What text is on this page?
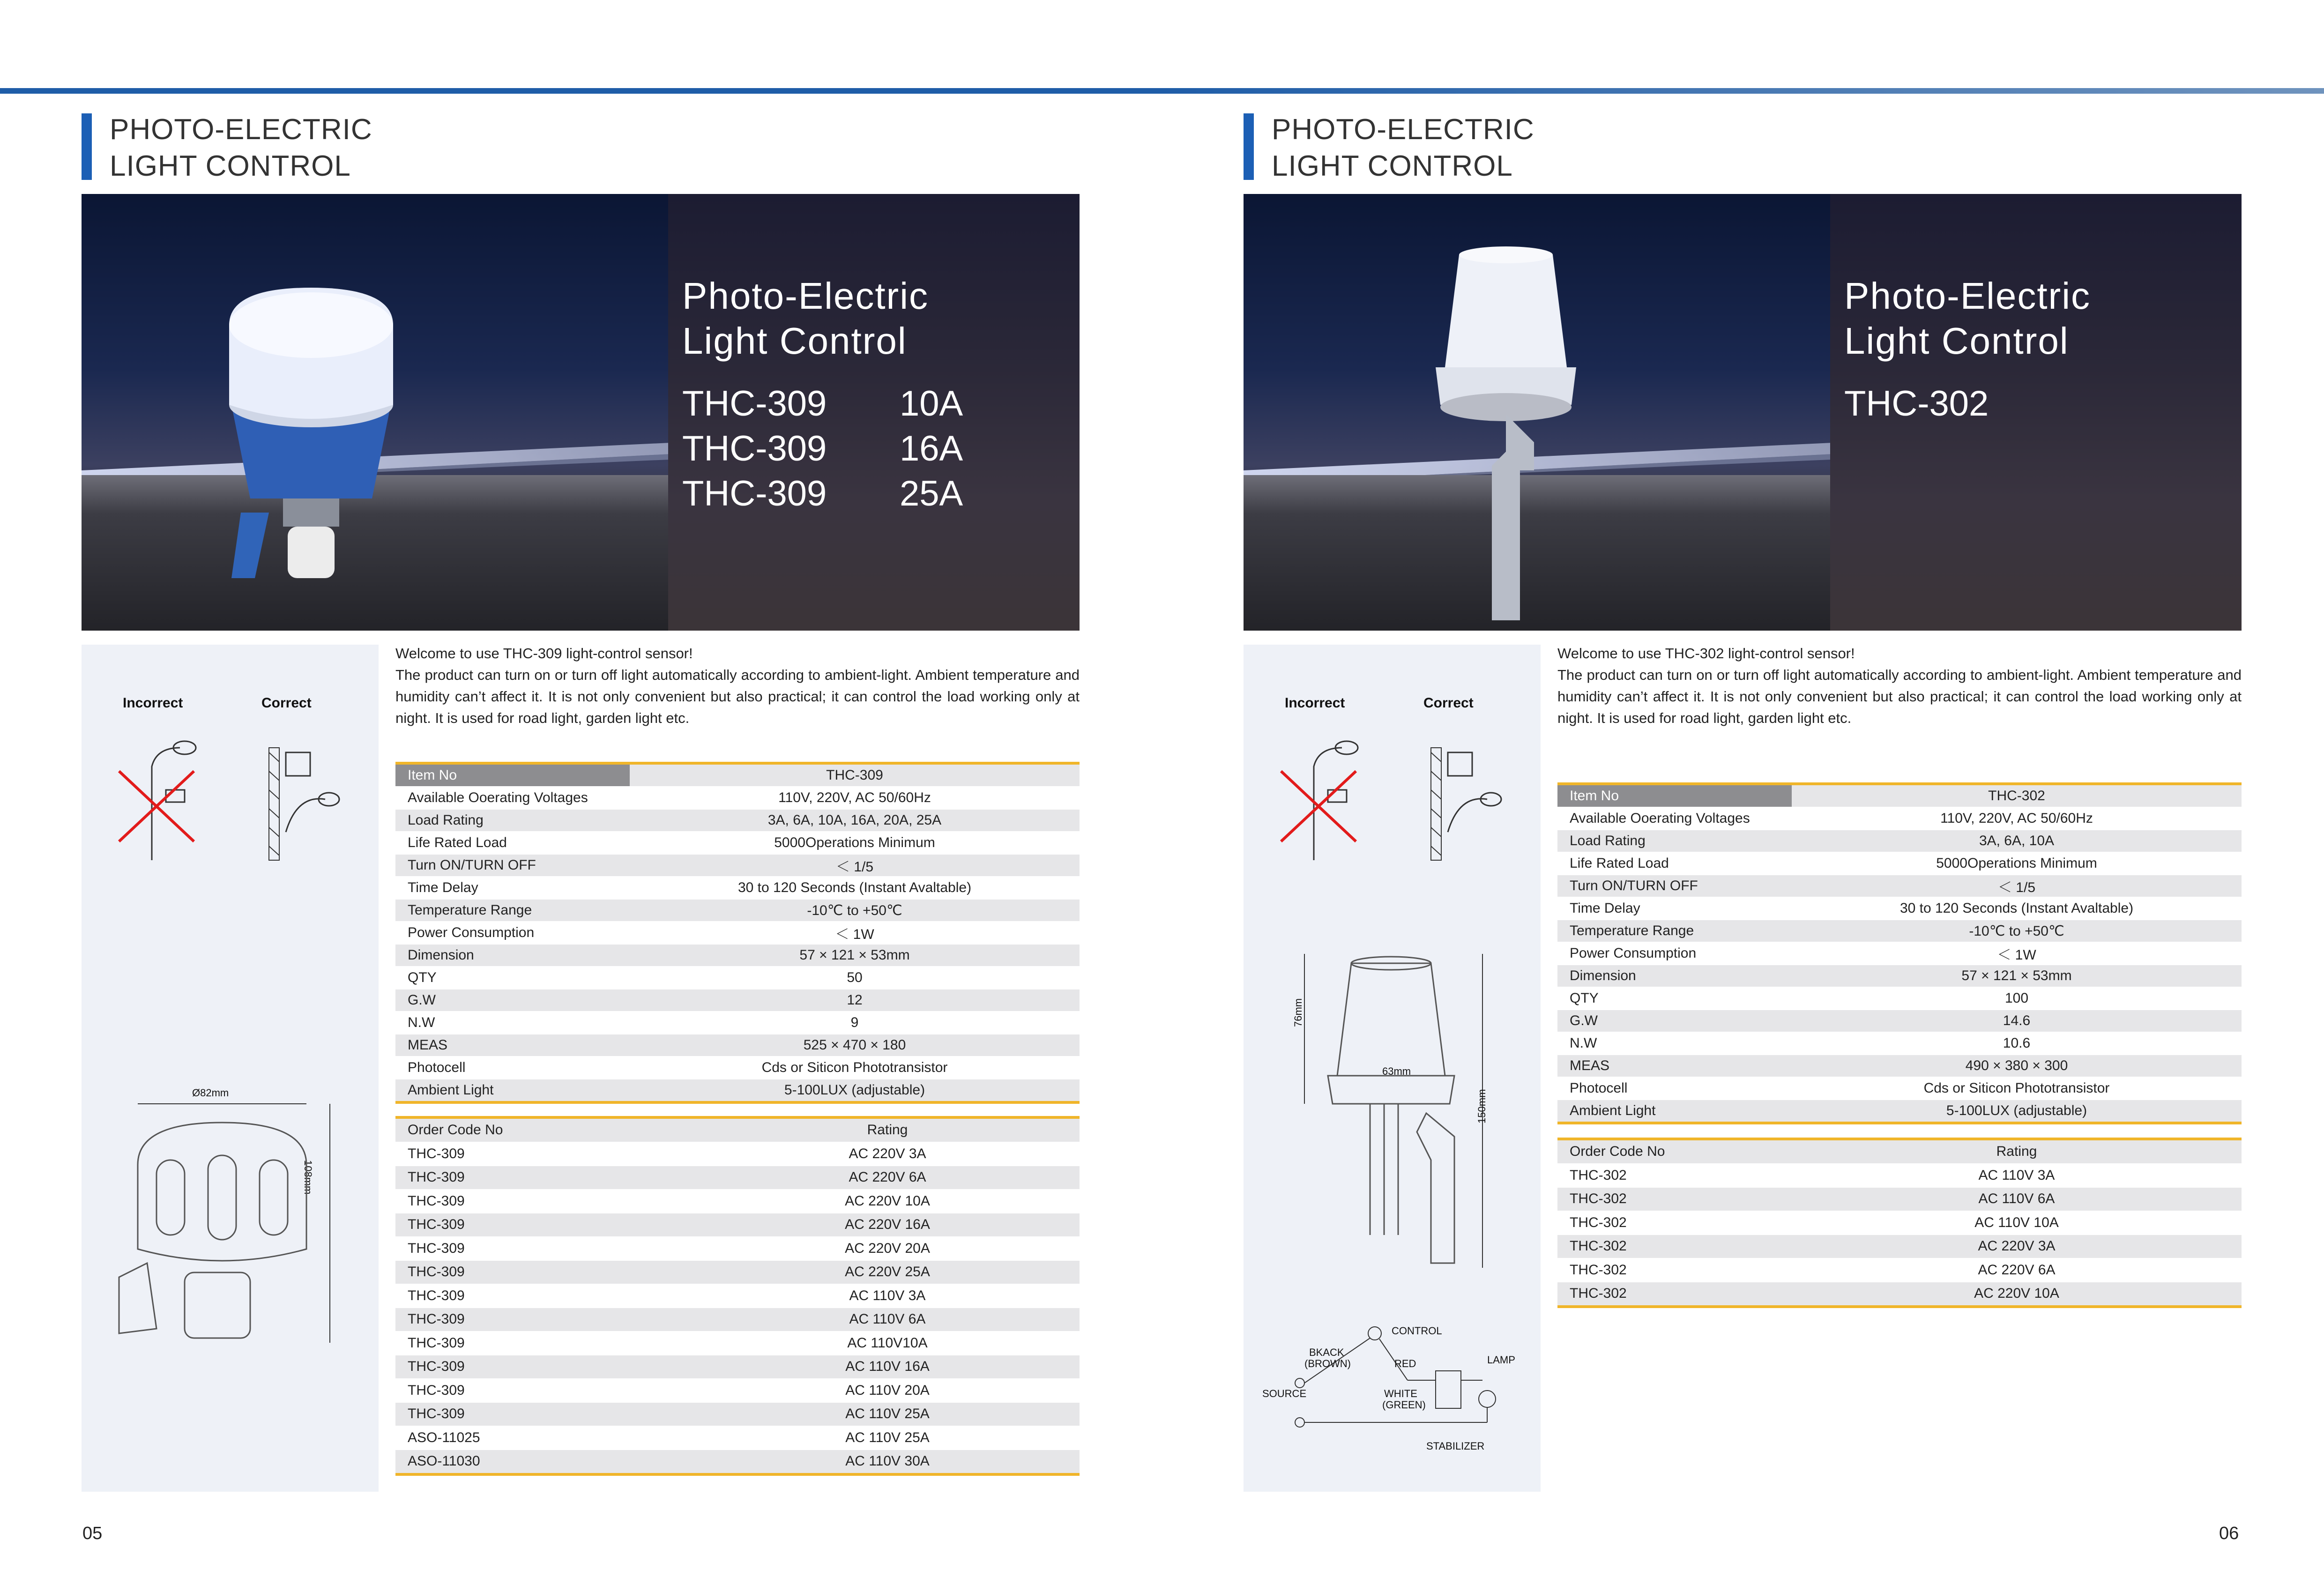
PHOTO-ELECTRIC
LIGHT CONTROL
Photo-Electric
Light Control
THC-309 10A
THC-309 16A
THC-309 25A
Incorrect	Correct
Ø82mm
108mm
Welcome to use THC-309 light-control sensor!
The product can turn on or turn off light automatically according to ambient-light. Ambient temperature and humidity can’t affect it. It is not only convenient but also practical; it can control the load working only at night. It is used for road light, garden light etc.
Item No	THC-309
Available Ooerating Voltages	110V, 220V, AC 50/60Hz
Load Rating	3A, 6A, 10A, 16A, 20A, 25A
Life Rated Load	5000Operations Minimum
Turn ON/TURN OFF	＜ 1/5
Time Delay	30 to 120 Seconds (Instant Avaltable)
Temperature Range	-10℃ to +50℃
Power Consumption	＜ 1W
Dimension	57 × 121 × 53mm
QTY	50
G.W	12
N.W	9
MEAS	525 × 470 × 180
Photocell	Cds or Siticon Phototransistor
Ambient Light	5-100LUX (adjustable)
Order Code No	Rating
THC-309	AC 220V 3A
THC-309	AC 220V 6A
THC-309	AC 220V 10A
THC-309	AC 220V 16A
THC-309	AC 220V 20A
THC-309	AC 220V 25A
THC-309	AC 110V 3A
THC-309	AC 110V 6A
THC-309	AC 110V10A
THC-309	AC 110V 16A
THC-309	AC 110V 20A
THC-309	AC 110V 25A
ASO-11025	AC 110V 25A
ASO-11030	AC 110V 30A
05
PHOTO-ELECTRIC
LIGHT CONTROL
Photo-Electric
Light Control
THC-302
Incorrect	Correct
76mm
63mm
150mm
CONTROL
BKACK
(BROWN)	RED	LAMP
SOURCE	WHITE
(GREEN)
STABILIZER
Welcome to use THC-302 light-control sensor!
The product can turn on or turn off light automatically according to ambient-light. Ambient temperature and humidity can’t affect it. It is not only convenient but also practical; it can control the load working only at night. It is used for road light, garden light etc.
Item No	THC-302
Available Ooerating Voltages	110V, 220V, AC 50/60Hz
Load Rating	3A, 6A, 10A
Life Rated Load	5000Operations Minimum
Turn ON/TURN OFF	＜ 1/5
Time Delay	30 to 120 Seconds (Instant Avaltable)
Temperature Range	-10℃ to +50℃
Power Consumption	＜ 1W
Dimension	57 × 121 × 53mm
QTY	100
G.W	14.6
N.W	10.6
MEAS	490 × 380 × 300
Photocell	Cds or Siticon Phototransistor
Ambient Light	5-100LUX (adjustable)
Order Code No	Rating
THC-302	AC 110V 3A
THC-302	AC 110V 6A
THC-302	AC 110V 10A
THC-302	AC 220V 3A
THC-302	AC 220V 6A
THC-302	AC 220V 10A
06
